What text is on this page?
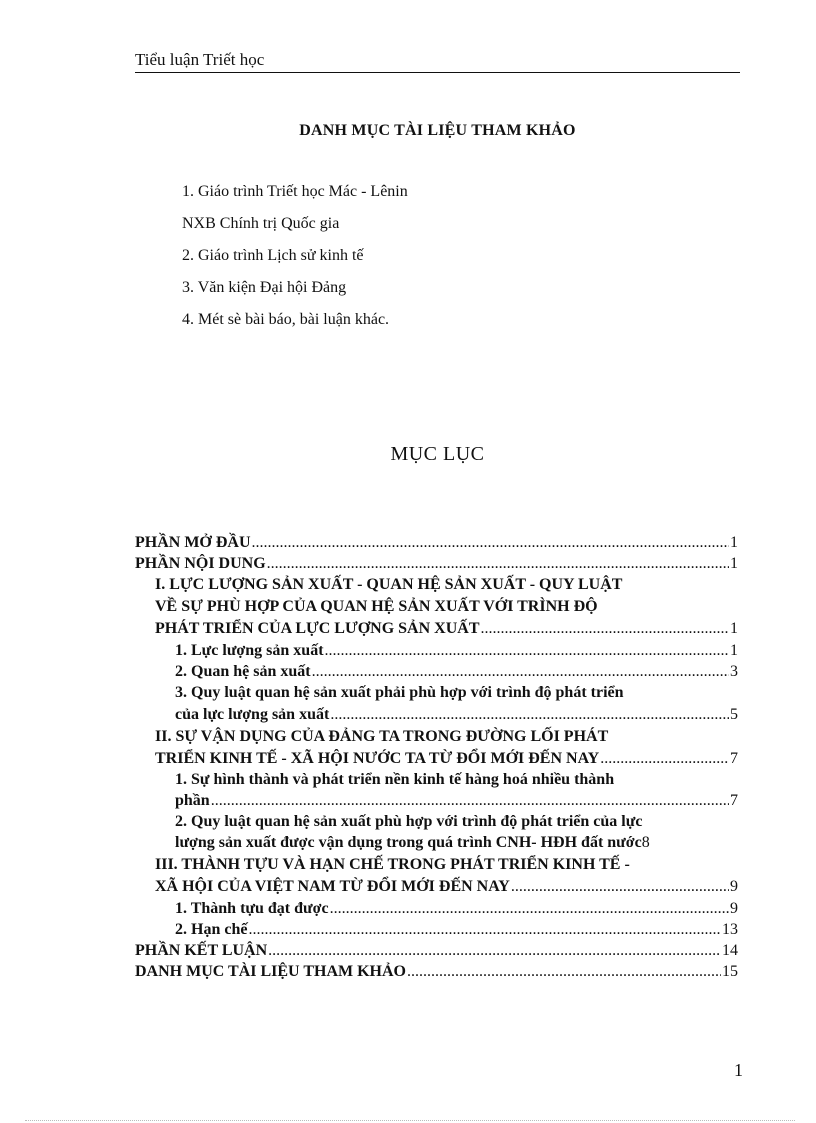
Tiểu luận Triết học
DANH MỤC TÀI LIỆU THAM KHẢO
1. Giáo trình Triết học Mác - Lênin
NXB Chính trị Quốc gia
2. Giáo trình Lịch sử kinh tế
3. Văn kiện Đại hội Đảng
4. Mét sè bài báo, bài luận khác.
MỤC LỤC
PHẦN MỞ ĐẦU . . .	1
PHẦN NỘI DUNG . . .	1
I. LỰC LƯỢNG SẢN XUẤT - QUAN HỆ SẢN XUẤT - QUY LUẬT
VỀ SỰ PHÙ HỢP CỦA QUAN HỆ SẢN XUẤT VỚI TRÌNH ĐỘ
PHÁT TRIỂN CỦA LỰC LƯỢNG SẢN XUẤT . . .	1
1. Lực lượng sản xuất . . .	1
2. Quan hệ sản xuất . . .	3
3. Quy luật quan hệ sản xuất phải phù hợp với trình độ phát triển
của lực lượng sản xuất . . .	5
II. SỰ VẬN DỤNG CỦA ĐẢNG TA TRONG ĐƯỜNG LỐI PHÁT
TRIỂN KINH TẾ - XÃ HỘI NƯỚC TA TỪ ĐỔI MỚI ĐẾN NAY . . .	7
1. Sự hình thành và phát triển nền kinh tế hàng hoá nhiều thành
phần . . .	7
2. Quy luật quan hệ sản xuất phù hợp với trình độ phát triển của lực
lượng sản xuất được vận dụng trong quá trình CNH- HĐH đất nước 8
III. THÀNH TỰU VÀ HẠN CHẾ TRONG PHÁT TRIỂN KINH TẾ -
XÃ HỘI CỦA VIỆT NAM TỪ ĐỔI MỚI ĐẾN NAY . . .	9
1. Thành tựu đạt được . . .	9
2. Hạn chế . . .	13
PHẦN KẾT LUẬN . . .	14
DANH MỤC TÀI LIỆU THAM KHẢO . . .	15
1
